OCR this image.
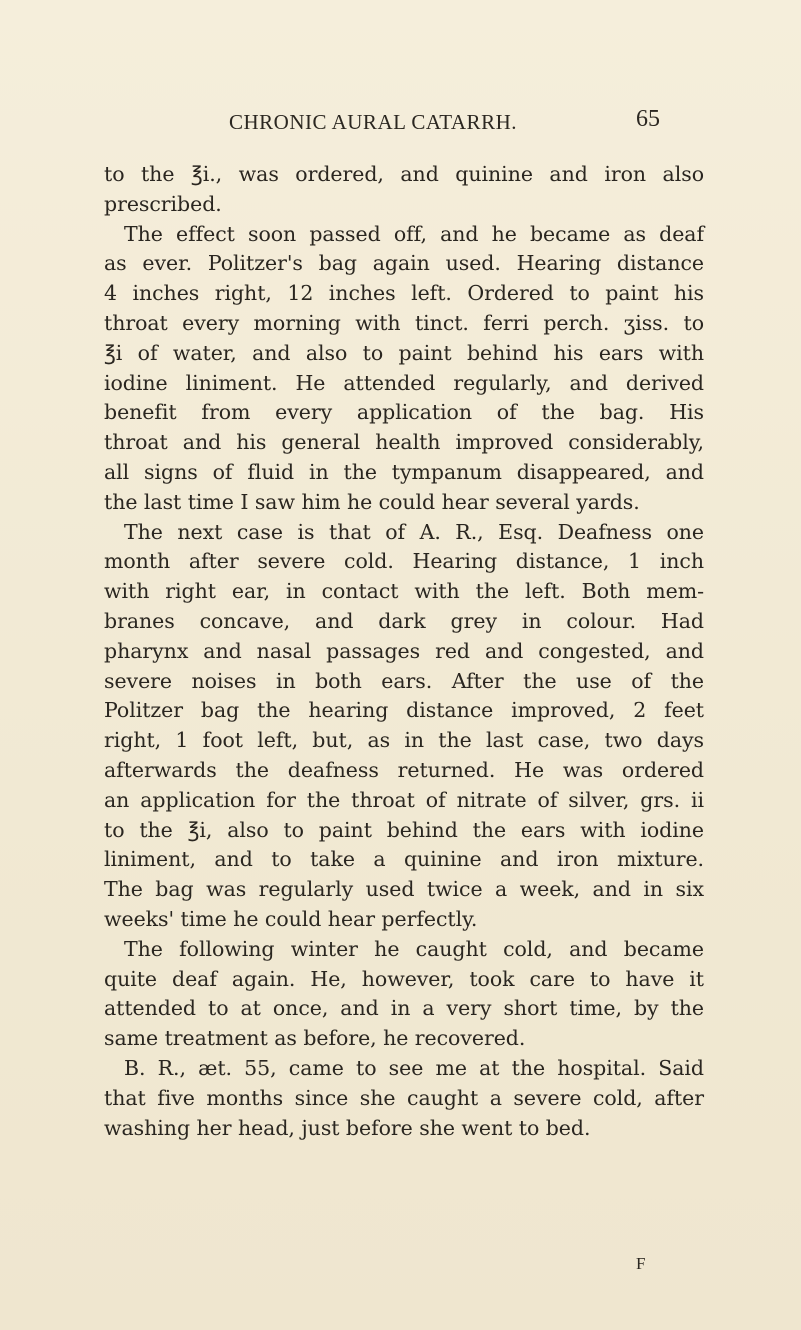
CHRONIC AURAL CATARRH.	65
to the ℥i., was ordered, and quinine and iron also
prescribed.
The effect soon passed off, and he became as deaf
as ever. Politzer's bag again used. Hearing distance
4 inches right, 12 inches left. Ordered to paint his
throat every morning with tinct. ferri perch. ʒiss. to
℥i of water, and also to paint behind his ears with
iodine liniment. He attended regularly, and derived
benefit from every application of the bag. His
throat and his general health improved considerably,
all signs of fluid in the tympanum disappeared, and
the last time I saw him he could hear several yards.
The next case is that of A. R., Esq. Deafness one
month after severe cold. Hearing distance, 1 inch
with right ear, in contact with the left. Both mem-
branes concave, and dark grey in colour. Had
pharynx and nasal passages red and congested, and
severe noises in both ears. After the use of the
Politzer bag the hearing distance improved, 2 feet
right, 1 foot left, but, as in the last case, two days
afterwards the deafness returned. He was ordered
an application for the throat of nitrate of silver, grs. ii
to the ℥i, also to paint behind the ears with iodine
liniment, and to take a quinine and iron mixture.
The bag was regularly used twice a week, and in six
weeks' time he could hear perfectly.
The following winter he caught cold, and became
quite deaf again. He, however, took care to have it
attended to at once, and in a very short time, by the
same treatment as before, he recovered.
B. R., æt. 55, came to see me at the hospital. Said
that five months since she caught a severe cold, after
washing her head, just before she went to bed.
F
